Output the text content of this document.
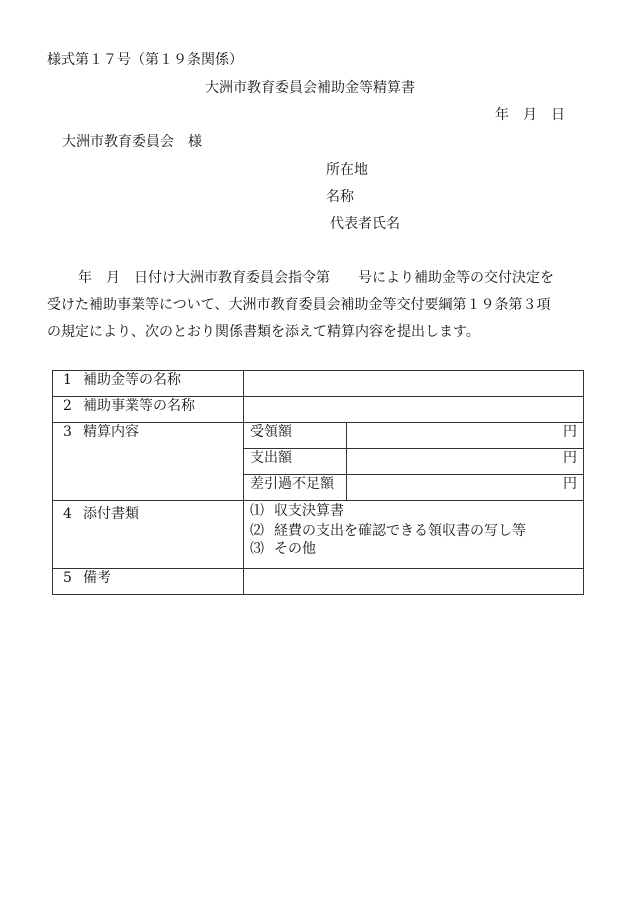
様式第１７号（第１９条関係）
大洲市教育委員会補助金等精算書
年 月 日
大洲市教育委員会　様
所在地
名称
代表者氏名
年 月 日付け大洲市教育委員会指令第 号により補助金等の交付決定を
受けた補助事業等について、大洲市教育委員会補助金等交付要綱第１９条第３項
の規定により、次のとおり関係書類を添えて精算内容を提出します。
1 補助金等の名称		
2 補助事業等の名称		
3 精算内容	受領額	円
	支出額	円
	差引過不足額	円
4 添付書類	⑴ 収支決算書
⑵ 経費の支出を確認できる領収書の写し等
⑶ その他	

5 備考		
